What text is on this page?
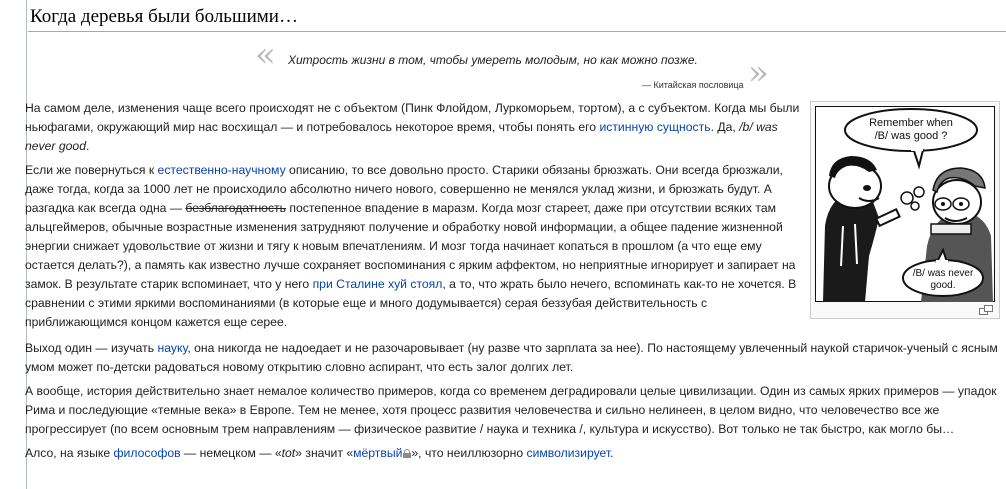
Когда деревья были большими…
« Хитрость жизни в том, чтобы умереть молодым, но как можно позже. »
— Китайская пословица
Remember when
/B/ was good ?
/B/ was never
good.

На самом деле, изменения чаще всего происходят не с объектом (Пинк Флойдом, Луркоморьем, тортом), а с субъектом. Когда мы были ньюфагами, окружающий мир нас восхищал — и потребовалось некоторое время, чтобы понять его истинную сущность. Да, /b/ was never good.

Если же повернуться к естественно-научному описанию, то все довольно просто. Старики обязаны брюзжать. Они всегда брюзжали, даже тогда, когда за 1000 лет не происходило абсолютно ничего нового, совершенно не менялся уклад жизни, и брюзжать будут. А разгадка как всегда одна — безблагодатность постепенное впадение в маразм. Когда мозг стареет, даже при отсутствии всяких там альцгеймеров, обычные возрастные изменения затрудняют получение и обработку новой информации, а общее падение жизненной энергии снижает удовольствие от жизни и тягу к новым впечатлениям. И мозг тогда начинает копаться в прошлом (а что еще ему остается делать?), а память как известно лучше сохраняет воспоминания с ярким аффектом, но неприятные игнорирует и запирает на замок. В результате старик вспоминает, что у него при Сталине хуй стоял, а то, что жрать было нечего, вспоминать как-то не хочется. В сравнении с этими яркими воспоминаниями (в которые еще и много додумывается) серая беззубая действительность с приближающимся концом кажется еще серее.

Выход один — изучать науку, она никогда не надоедает и не разочаровывает (ну разве что зарплата за нее). По настоящему увлеченный наукой старичок-ученый с ясным умом может по-детски радоваться новому открытию словно аспирант, что есть залог долгих лет.

А вообще, история действительно знает немалое количество примеров, когда со временем деградировали целые цивилизации. Один из самых ярких примеров — упадок Рима и последующие «темные века» в Европе. Тем не менее, хотя процесс развития человечества и сильно нелинеен, в целом видно, что человечество все же прогрессирует (по всем основным трем направлениям — физическое развитие / наука и техника /, культура и искусство). Вот только не так быстро, как могло бы…

Алсо, на языке философов — немецком — «tot» значит «мёртвый », что неиллюзорно символизирует.
